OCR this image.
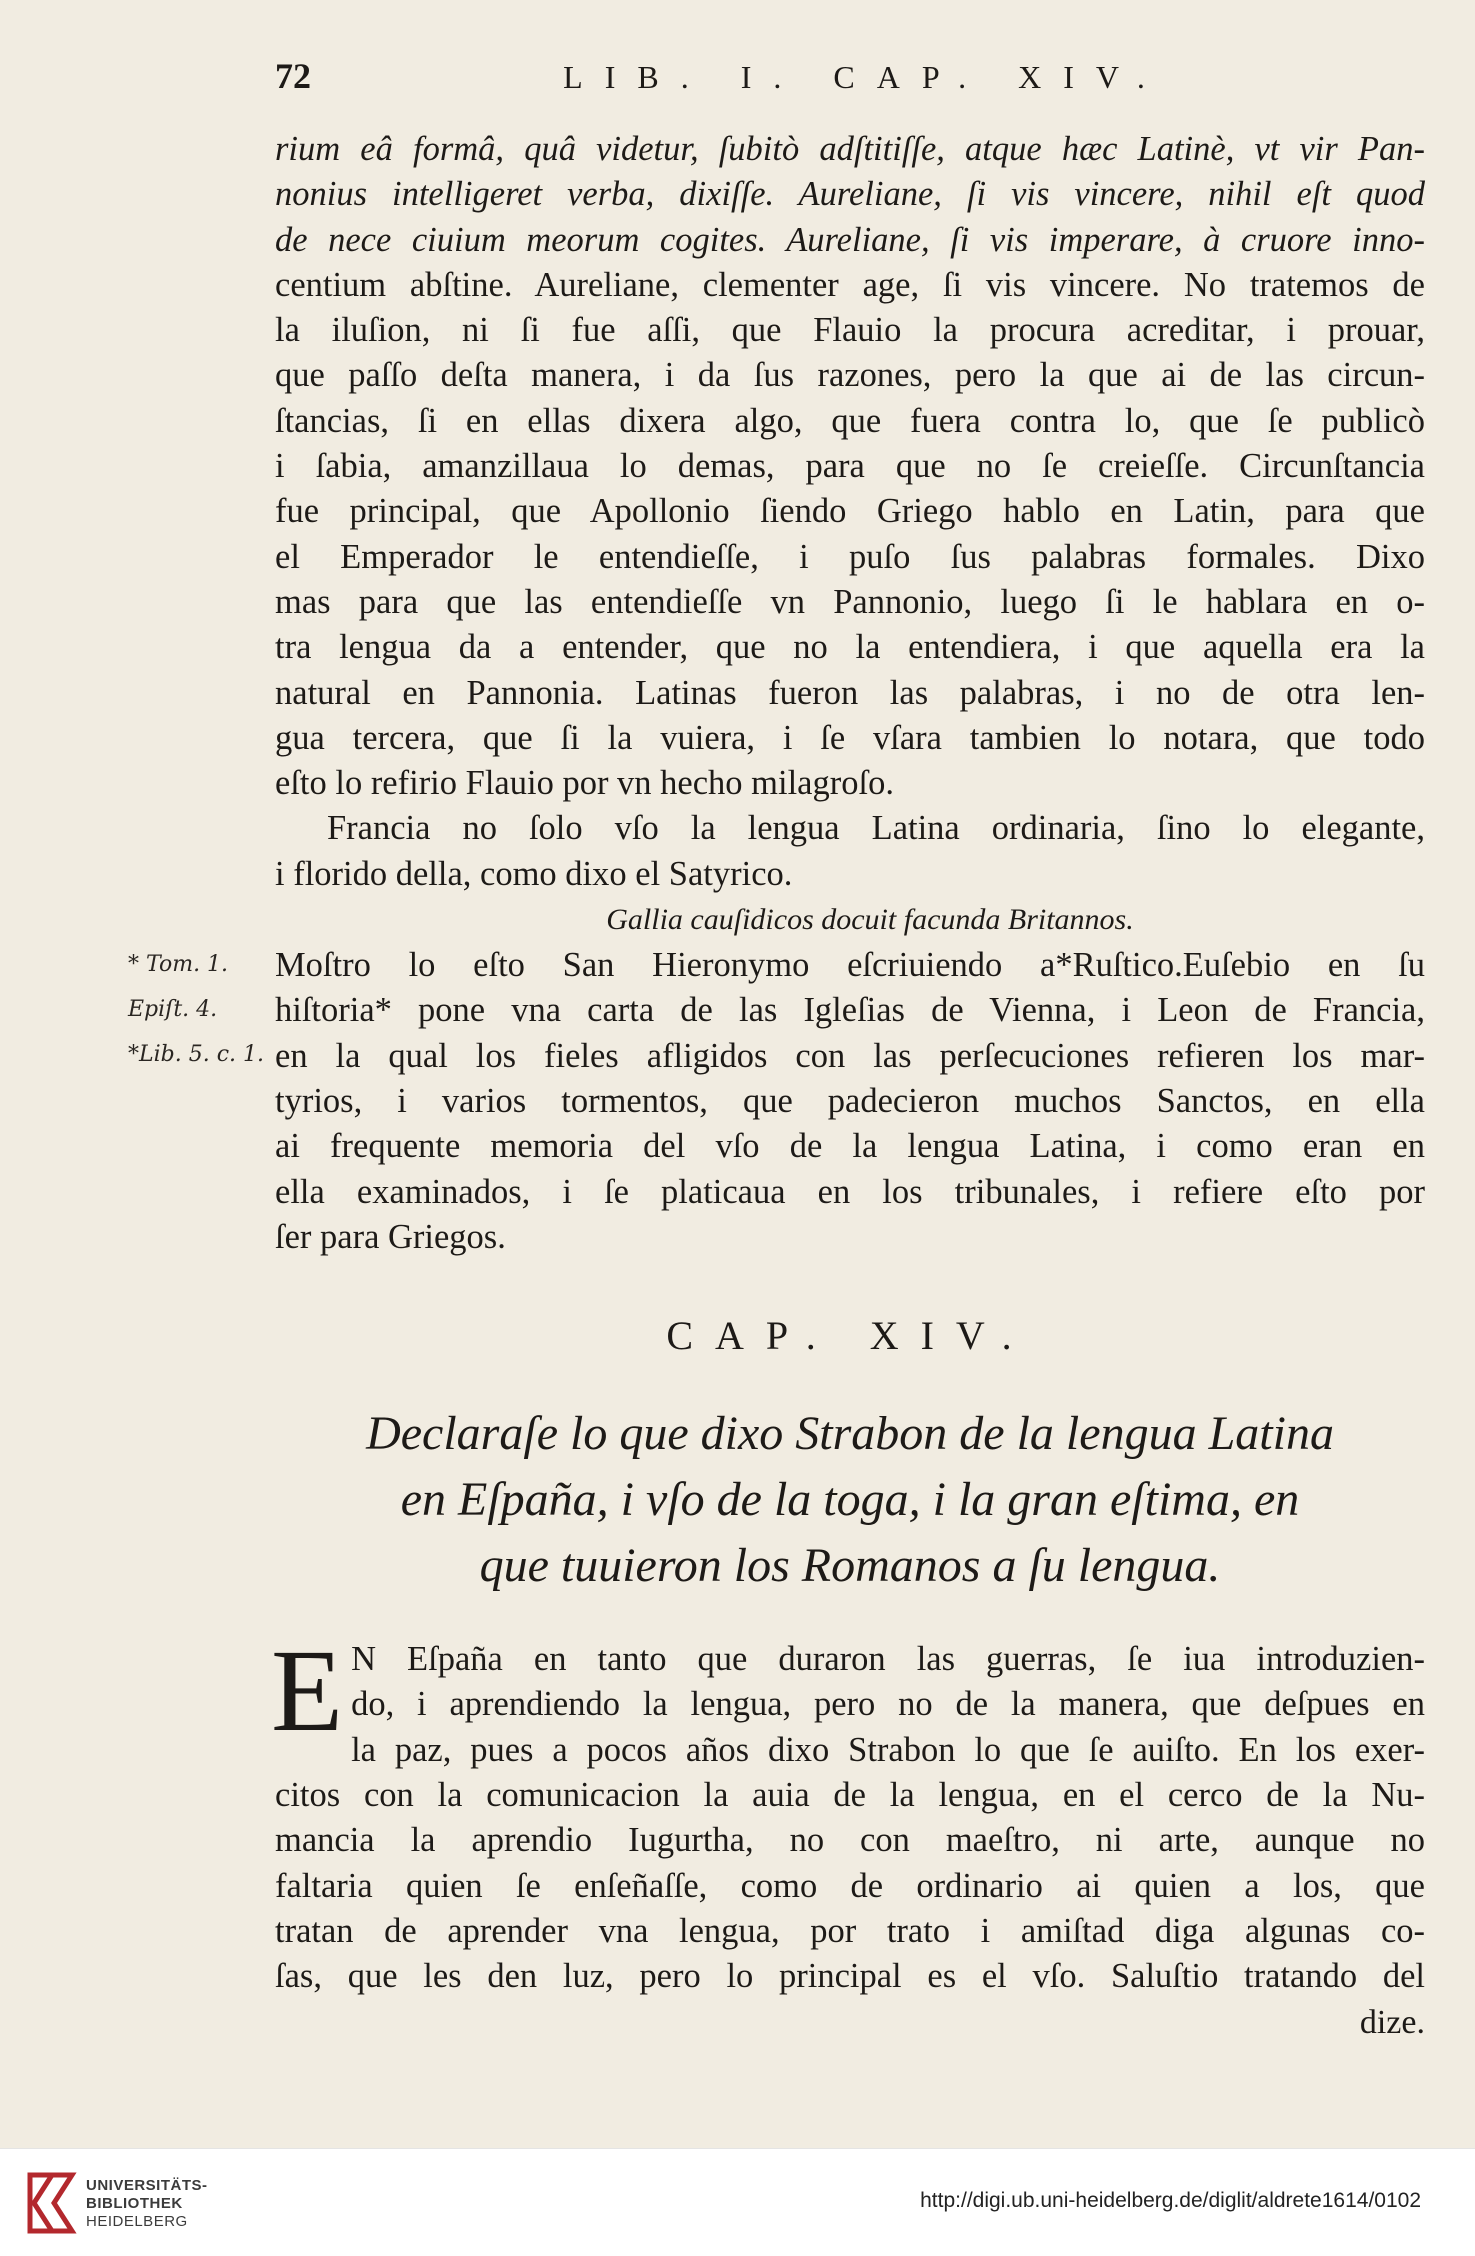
72	LIB. I. CAP. XIV.

rium eâ formâ, quâ videtur, ſubitò adſtitiſſe, atque hæc Latinè, vt vir Pan-
nonius intelligeret verba, dixiſſe. Aureliane, ſi vis vincere, nihil eſt quod
de nece ciuium meorum cogites. Aureliane, ſi vis imperare, à cruore inno-
centium abſtine. Aureliane, clementer age, ſi vis vincere. No tratemos de
la iluſion, ni ſi fue aſſi, que Flauio la procura acreditar, i prouar,
que paſſo deſta manera, i da ſus razones, pero la que ai de las circun-
ſtancias, ſi en ellas dixera algo, que fuera contra lo, que ſe publicò
i ſabia, amanzillaua lo demas, para que no ſe creieſſe. Circunſtancia
fue principal, que Apollonio ſiendo Griego hablo en Latin, para que
el Emperador le entendieſſe, i puſo ſus palabras formales. Dixo
mas para que las entendieſſe vn Pannonio, luego ſi le hablara en o-
tra lengua da a entender, que no la entendiera, i que aquella era la
natural en Pannonia. Latinas fueron las palabras, i no de otra len-
gua tercera, que ſi la vuiera, i ſe vſara tambien lo notara, que todo
eſto lo refirio Flauio por vn hecho milagroſo.

Francia no ſolo vſo la lengua Latina ordinaria, ſino lo elegante,
i florido della, como dixo el Satyrico.

Gallia cauſidicos docuit facunda Britannos.

Moſtro lo eſto San Hieronymo eſcriuiendo a*Ruſtico.Euſebio en ſu
hiſtoria* pone vna carta de las Igleſias de Vienna, i Leon de Francia,
en la qual los fieles afligidos con las perſecuciones refieren los mar-
tyrios, i varios tormentos, que padecieron muchos Sanctos, en ella
ai frequente memoria del vſo de la lengua Latina, i como eran en
ella examinados, i ſe platicaua en los tribunales, i refiere eſto por
ſer para Griegos.

CAP. XIV.
Declaraſe lo que dixo Strabon de la lengua Latina
en Eſpaña, i vſo de la toga, i la gran eſtima, en
que tuuieron los Romanos a ſu lengua.
E N Eſpaña en tanto que duraron las guerras, ſe iua introduzien-
do, i aprendiendo la lengua, pero no de la manera, que deſpues en
la paz, pues a pocos años dixo Strabon lo que ſe auiſto. En los exer-
citos con la comunicacion la auia de la lengua, en el cerco de la Nu-
mancia la aprendio Iugurtha, no con maeſtro, ni arte, aunque no
faltaria quien ſe enſeñaſſe, como de ordinario ai quien a los, que
tratan de aprender vna lengua, por trato i amiſtad diga algunas co-
ſas, que les den luz, pero lo principal es el vſo. Saluſtio tratando del
dize.
* Tom. 1.
Epiſt. 4.
*Lib. 5. c. 1.
UNIVERSITÄTS-
BIBLIOTHEK
HEIDELBERG
http://digi.ub.uni-heidelberg.de/diglit/aldrete1614/0102
